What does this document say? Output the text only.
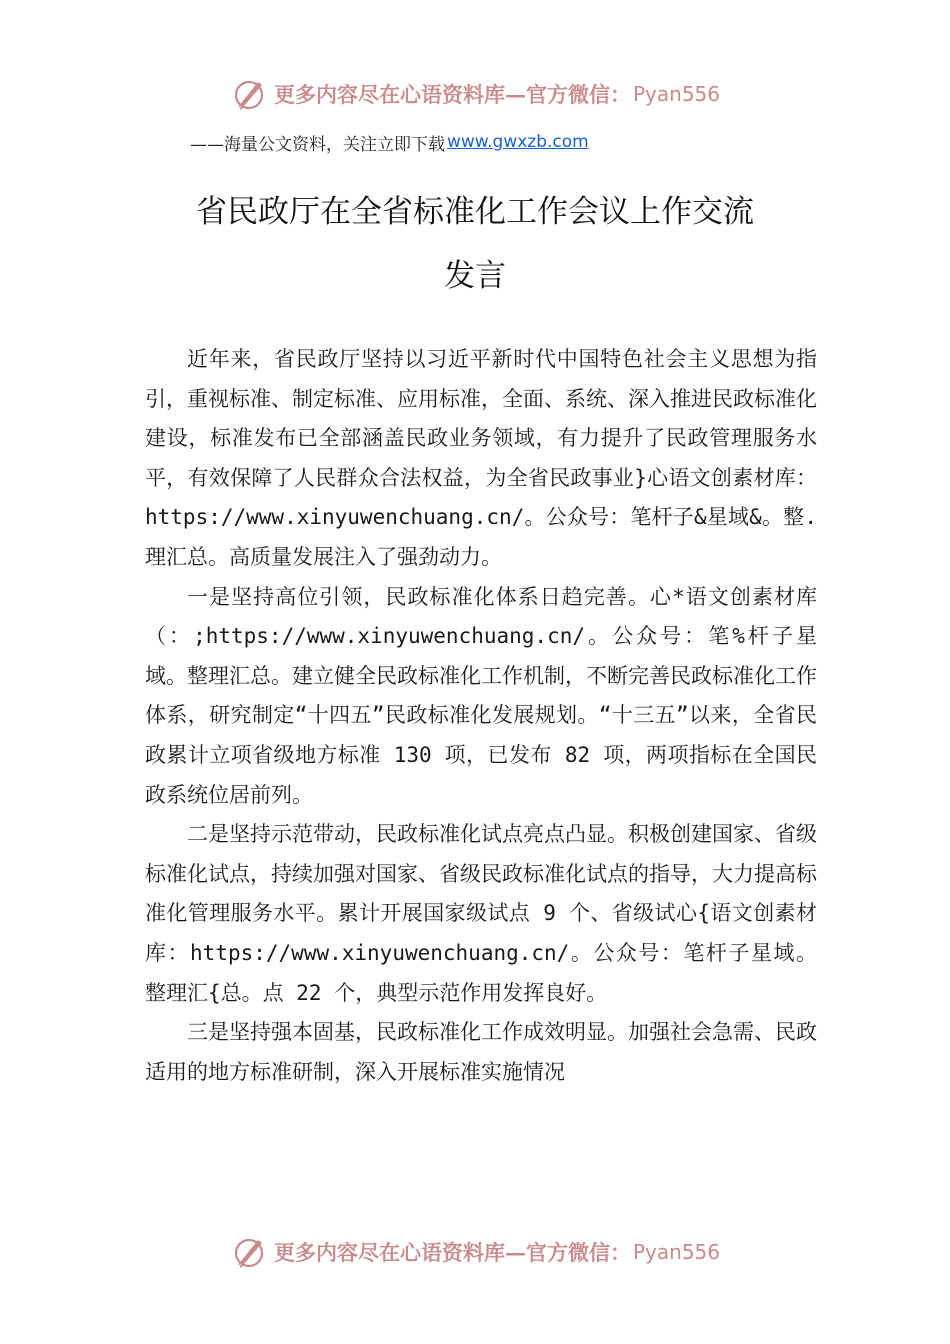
更多内容尽在心语资料库—官方微信： Pyan556
——海量公文资料，关注立即下载 www.gwxzb.com
省民政厅在全省标准化工作会议上作交流
发言

近年来，省民政厅坚持以习近平新时代中国特色社会主义思想为指引，重视标准、制定标准、应用标准，全面、系统、深入推进民政标准化建设，标准发布已全部涵盖民政业务领域，有力提升了民政管理服务水平，有效保障了人民群众合法权益，为全省民政事业}心语文创素材库：https://www.xinyuwenchuang.cn/。公众号：笔杆子&星域&。整.理汇总。高质量发展注入了强劲动力。

一是坚持高位引领，民政标准化体系日趋完善。心*语文创素材库（：;https://www.xinyuwenchuang.cn/。公众号：笔%杆子星域。整理汇总。建立健全民政标准化工作机制，不断完善民政标准化工作体系，研究制定“十四五”民政标准化发展规划。“十三五”以来，全省民政累计立项省级地方标准 130 项，已发布 82 项，两项指标在全国民政系统位居前列。

二是坚持示范带动，民政标准化试点亮点凸显。积极创建国家、省级标准化试点，持续加强对国家、省级民政标准化试点的指导，大力提高标准化管理服务水平。累计开展国家级试点 9 个、省级试心{语文创素材库：https://www.xinyuwenchuang.cn/。公众号：笔杆子星域。整理汇{总。点 22 个，典型示范作用发挥良好。

三是坚持强本固基，民政标准化工作成效明显。加强社会急需、民政适用的地方标准研制，深入开展标准实施情况

更多内容尽在心语资料库—官方微信： Pyan556
